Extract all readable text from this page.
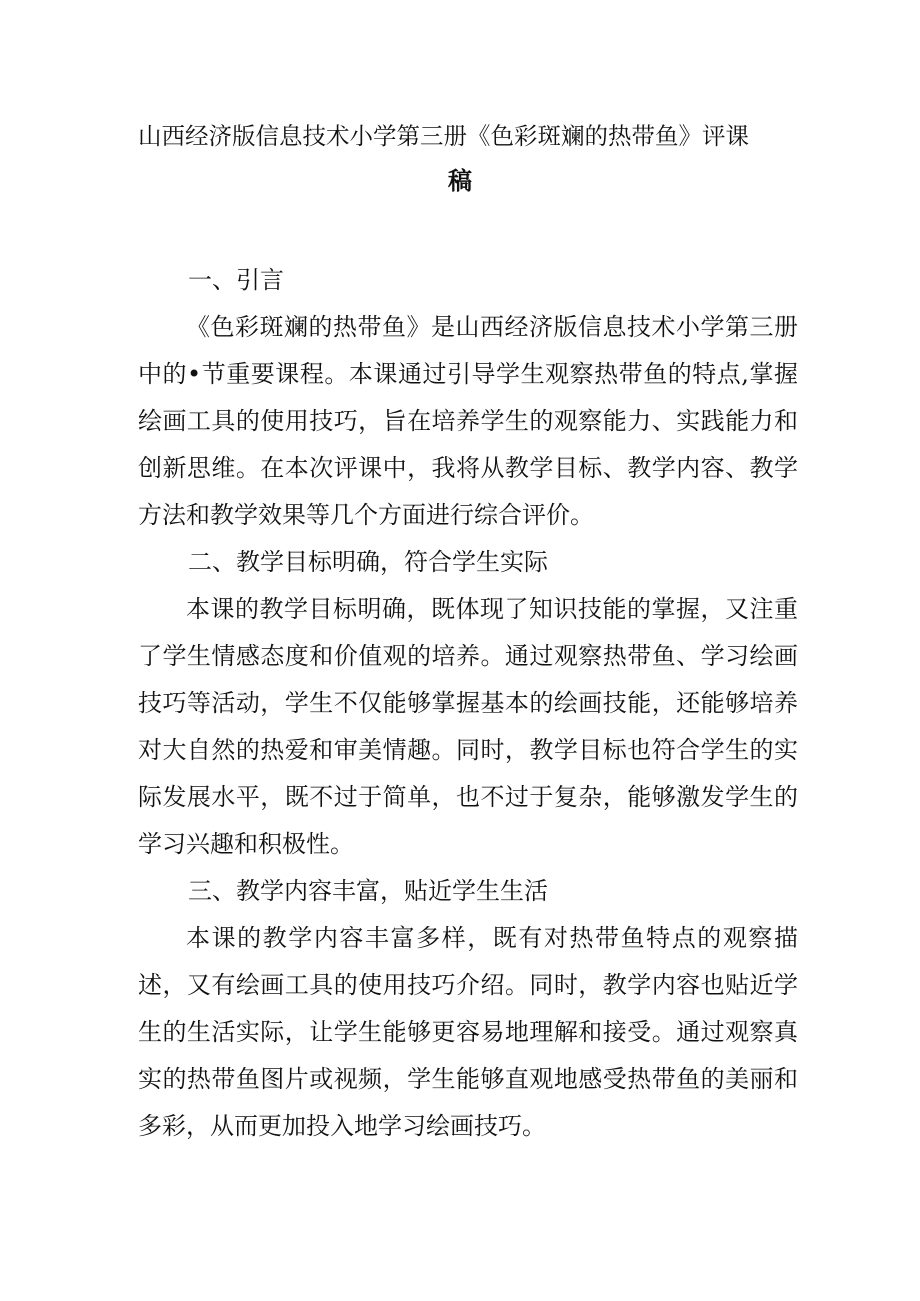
山西经济版信息技术小学第三册《色彩斑斓的热带鱼》评课
稿
一、引言

《色彩斑斓的热带鱼》是山西经济版信息技术小学第三册中的•节重要课程。本课通过引导学生观察热带鱼的特点,掌握绘画工具的使用技巧，旨在培养学生的观察能力、实践能力和创新思维。在本次评课中，我将从教学目标、教学内容、教学方法和教学效果等几个方面进行综合评价。

二、教学目标明确，符合学生实际

本课的教学目标明确，既体现了知识技能的掌握，又注重了学生情感态度和价值观的培养。通过观察热带鱼、学习绘画技巧等活动，学生不仅能够掌握基本的绘画技能，还能够培养对大自然的热爱和审美情趣。同时，教学目标也符合学生的实际发展水平，既不过于简单，也不过于复杂，能够激发学生的学习兴趣和积极性。

三、教学内容丰富，贴近学生生活

本课的教学内容丰富多样，既有对热带鱼特点的观察描述，又有绘画工具的使用技巧介绍。同时，教学内容也贴近学生的生活实际，让学生能够更容易地理解和接受。通过观察真实的热带鱼图片或视频，学生能够直观地感受热带鱼的美丽和多彩，从而更加投入地学习绘画技巧。
